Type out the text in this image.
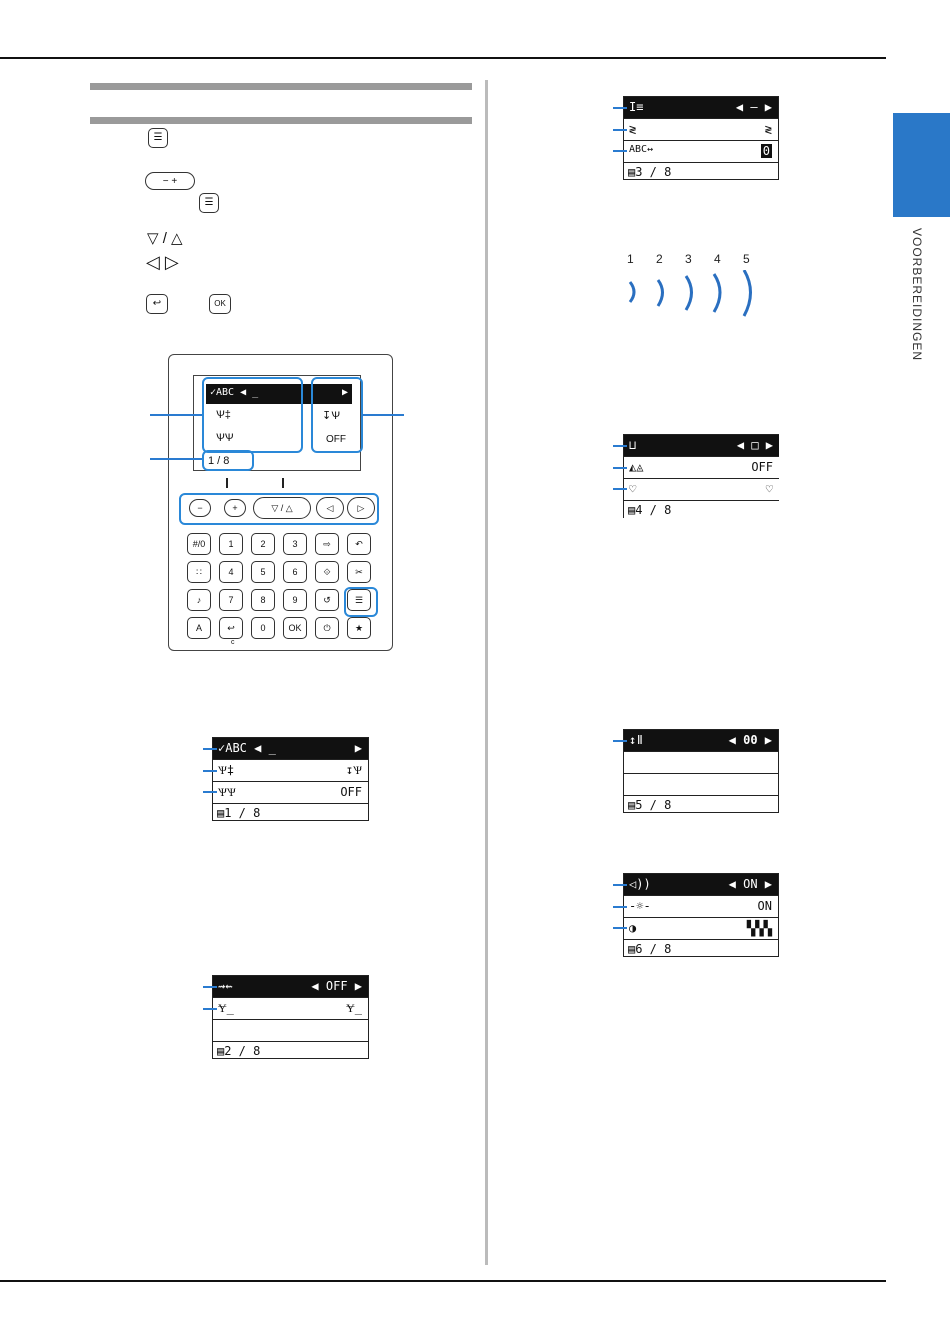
VOORBEREIDINGEN
☰
− +
☰
▽ / △
◁ ▷
↩	OK
✓ABC ◀ _	▶
Ѱ‡	↧Ѱ
ѰѰ	OFF
1 / 8
−	+	▽ / △	◁	▷
#/0	1	2	3	⇨	↶
∷	4	5	6	⟐	✂
♪	7	8	9	↺	☰
A	↩	0	OK	⏻	★
c
✓ABC ◀ _	▶
Ѱ‡	↧Ѱ
ѰѰ	OFF
▤1 / 8
⇝⇜	◀ OFF ▶
Ɏ_	Ɏ_
▤2 / 8
I≡	◀ – ▶
≷	≷
ABC↔	0
▤3 / 8
1 2 3 4 5
⊔	◀ □ ▶
◭◬	OFF
♡	♡
▤4 / 8
↕ǁ	◀ 00 ▶
▤5 / 8
◁))	◀ ON ▶
-☼-	ON
◑	▚▚▚
▤6 / 8
